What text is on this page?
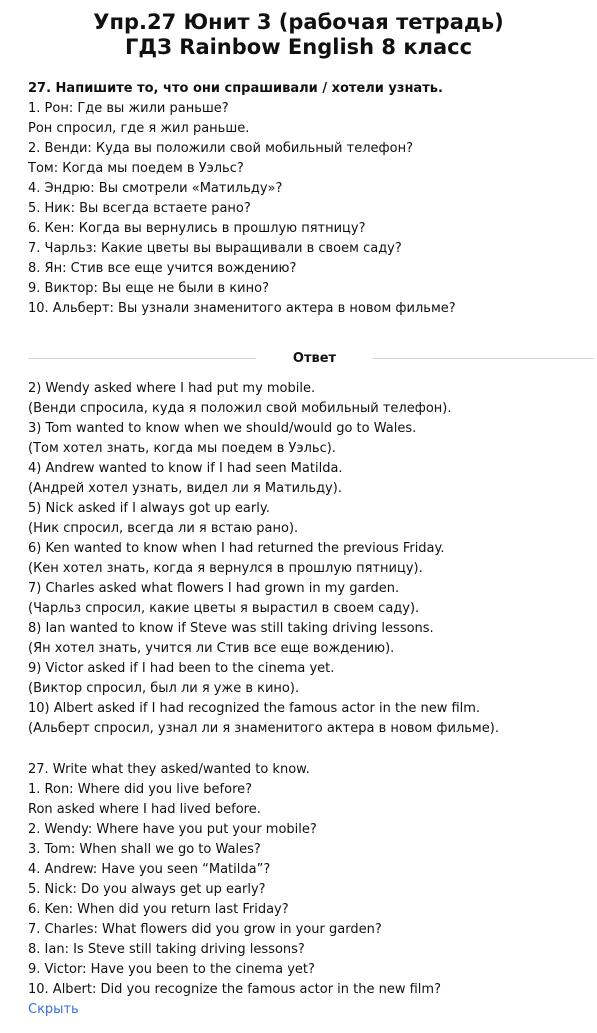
Упр.27 Юнит 3 (рабочая тетрадь)
ГДЗ Rainbow English 8 класс
27. Напишите то, что они спрашивали / хотели узнать.
1. Рон: Где вы жили раньше?
Рон спросил, где я жил раньше.
2. Венди: Куда вы положили свой мобильный телефон?
Том: Когда мы поедем в Уэльс?
4. Эндрю: Вы смотрели «Матильду»?
5. Ник: Вы всегда встаете рано?
6. Кен: Когда вы вернулись в прошлую пятницу?
7. Чарльз: Какие цветы вы выращивали в своем саду?
8. Ян: Стив все еще учится вождению?
9. Виктор: Вы еще не были в кино?
10. Альберт: Вы узнали знаменитого актера в новом фильме?
Ответ
2) Wendy asked where I had put my mobile.
(Венди спросила, куда я положил свой мобильный телефон).
3) Tom wanted to know when we should/would go to Wales.
(Том хотел знать, когда мы поедем в Уэльс).
4) Andrew wanted to know if I had seen Matilda.
(Андрей хотел узнать, видел ли я Матильду).
5) Nick asked if I always got up early.
(Ник спросил, всегда ли я встаю рано).
6) Ken wanted to know when I had returned the previous Friday.
(Кен хотел знать, когда я вернулся в прошлую пятницу).
7) Charles asked what flowers I had grown in my garden.
(Чарльз спросил, какие цветы я вырастил в своем саду).
8) Ian wanted to know if Steve was still taking driving lessons.
(Ян хотел знать, учится ли Стив все еще вождению).
9) Victor asked if I had been to the cinema yet.
(Виктор спросил, был ли я уже в кино).
10) Albert asked if I had recognized the famous actor in the new film.
(Альберт спросил, узнал ли я знаменитого актера в новом фильме).
27. Write what they asked/wanted to know.
1. Ron: Where did you live before?
Ron asked where I had lived before.
2. Wendy: Where have you put your mobile?
3. Tom: When shall we go to Wales?
4. Andrew: Have you seen “Matilda”?
5. Nick: Do you always get up early?
6. Ken: When did you return last Friday?
7. Charles: What flowers did you grow in your garden?
8. Ian: Is Steve still taking driving lessons?
9. Victor: Have you been to the cinema yet?
10. Albert: Did you recognize the famous actor in the new film?
Скрыть
